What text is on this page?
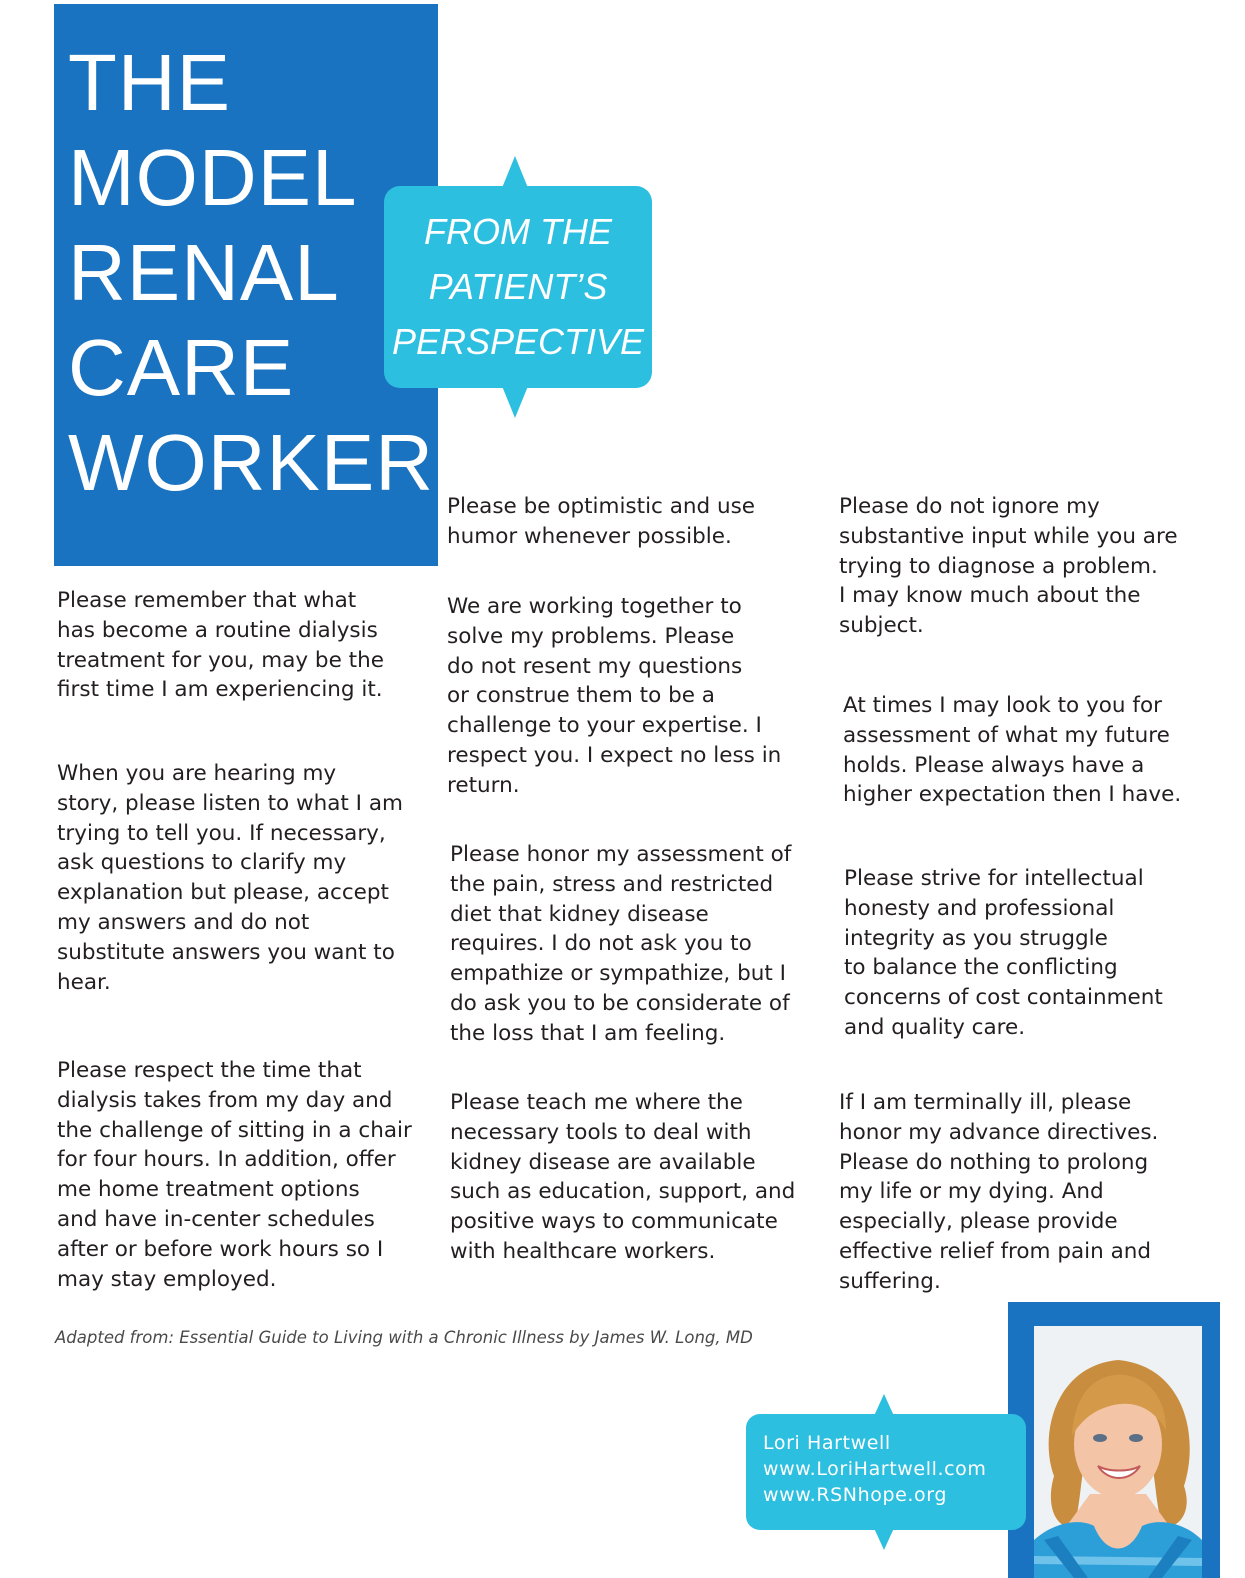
THE
MODEL
RENAL
CARE
WORKER
FROM THE
PATIENT’S
PERSPECTIVE

Please remember that what
has become a routine dialysis
treatment for you, may be the
first time I am experiencing it.

When you are hearing my
story, please listen to what I am
trying to tell you. If necessary,
ask questions to clarify my
explanation but please, accept
my answers and do not
substitute answers you want to
hear.

Please respect the time that
dialysis takes from my day and
the challenge of sitting in a chair
for four hours. In addition, offer
me home treatment options
and have in-center schedules
after or before work hours so I
may stay employed.

Please be optimistic and use
humor whenever possible.

We are working together to
solve my problems. Please
do not resent my questions
or construe them to be a
challenge to your expertise. I
respect you. I expect no less in
return.

Please honor my assessment of
the pain, stress and restricted
diet that kidney disease
requires. I do not ask you to
empathize or sympathize, but I
do ask you to be considerate of
the loss that I am feeling.

Please teach me where the
necessary tools to deal with
kidney disease are available
such as education, support, and
positive ways to communicate
with healthcare workers.

Please do not ignore my
substantive input while you are
trying to diagnose a problem.
I may know much about the
subject.

At times I may look to you for
assessment of what my future
holds. Please always have a
higher expectation then I have.

Please strive for intellectual
honesty and professional
integrity as you struggle
to balance the conflicting
concerns of cost containment
and quality care.

If I am terminally ill, please
honor my advance directives.
Please do nothing to prolong
my life or my dying. And
especially, please provide
effective relief from pain and
suffering.

Adapted from: Essential Guide to Living with a Chronic Illness by James W. Long, MD

Lori Hartwell

www.LoriHartwell.com

www.RSNhope.org
